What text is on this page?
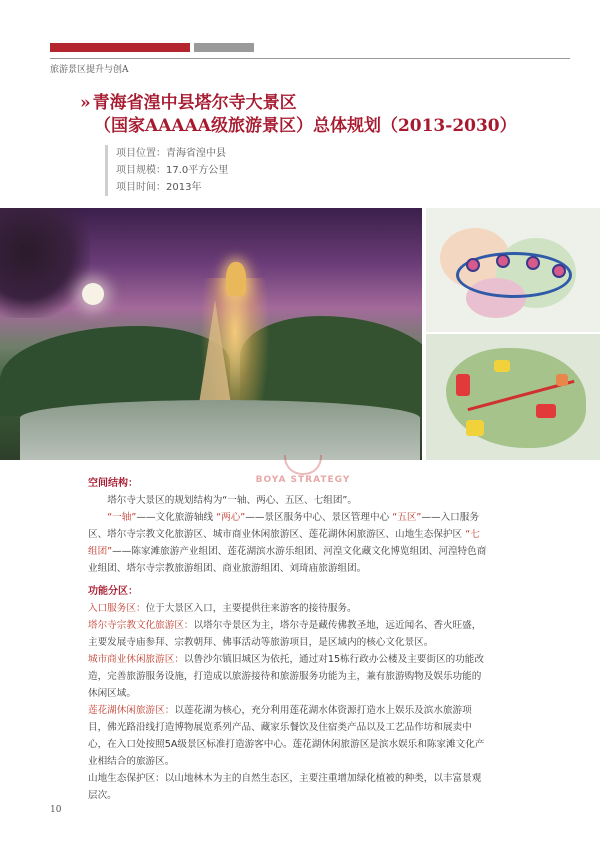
旅游景区提升与创A
» 青海省湟中县塔尔寺大景区
（国家AAAAA级旅游景区）总体规划（2013-2030）
项目位置：青海省湟中县
项目规模：17.0平方公里
项目时间：2013年
BOYA STRATEGY

空间结构：

塔尔寺大景区的规划结构为“一轴、两心、五区、七组团”。

“一轴”——文化旅游轴线 “两心”——景区服务中心、景区管理中心 “五区”——入口服务区、塔尔寺宗教文化旅游区、城市商业休闲旅游区、莲花湖休闲旅游区、山地生态保护区 “七组团”——陈家滩旅游产业组团、莲花湖滨水游乐组团、河湟文化藏文化博览组团、河湟特色商业组团、塔尔寺宗教旅游组团、商业旅游组团、刘琦庙旅游组团。

功能分区：

入口服务区：位于大景区入口，主要提供往来游客的接待服务。

塔尔寺宗教文化旅游区：以塔尔寺景区为主，塔尔寺是藏传佛教圣地，远近闻名、香火旺盛，主要发展寺庙参拜、宗教朝拜、佛事活动等旅游项目，是区域内的核心文化景区。

城市商业休闲旅游区：以鲁沙尔镇旧城区为依托，通过对15栋行政办公楼及主要街区的功能改造，完善旅游服务设施，打造成以旅游接待和旅游服务功能为主，兼有旅游购物及娱乐功能的休闲区域。

莲花湖休闲旅游区：以莲花湖为核心，充分利用莲花湖水体资源打造水上娱乐及滨水旅游项目，佛光路沿线打造博物展览系列产品、藏家乐餐饮及住宿类产品以及工艺品作坊和展卖中心，在入口处按照5A级景区标准打造游客中心。莲花湖休闲旅游区是滨水娱乐和陈家滩文化产业相结合的旅游区。

山地生态保护区：以山地林木为主的自然生态区，主要注重增加绿化植被的种类，以丰富景观层次。

10
